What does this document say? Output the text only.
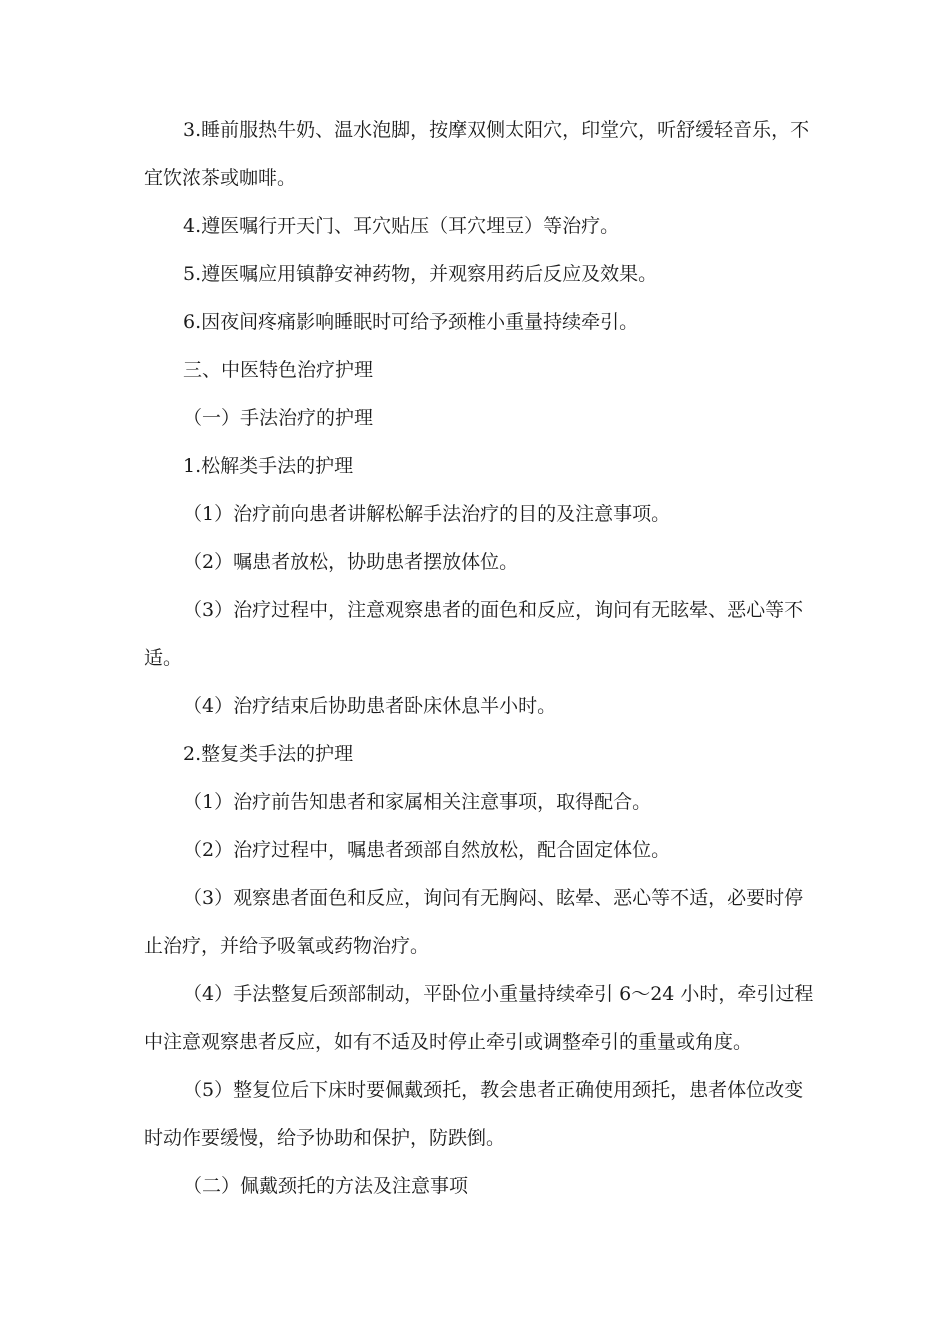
3.睡前服热牛奶、温水泡脚，按摩双侧太阳穴，印堂穴，听舒缓轻音乐，不
宜饮浓茶或咖啡。
4.遵医嘱行开天门、耳穴贴压（耳穴埋豆）等治疗。
5.遵医嘱应用镇静安神药物，并观察用药后反应及效果。
6.因夜间疼痛影响睡眠时可给予颈椎小重量持续牵引。
三、中医特色治疗护理
（一）手法治疗的护理
1.松解类手法的护理
（1）治疗前向患者讲解松解手法治疗的目的及注意事项。
（2）嘱患者放松，协助患者摆放体位。
（3）治疗过程中，注意观察患者的面色和反应，询问有无眩晕、恶心等不
适。
（4）治疗结束后协助患者卧床休息半小时。
2.整复类手法的护理
（1）治疗前告知患者和家属相关注意事项，取得配合。
（2）治疗过程中，嘱患者颈部自然放松，配合固定体位。
（3）观察患者面色和反应，询问有无胸闷、眩晕、恶心等不适，必要时停
止治疗，并给予吸氧或药物治疗。
（4）手法整复后颈部制动，平卧位小重量持续牵引 6～24 小时，牵引过程
中注意观察患者反应，如有不适及时停止牵引或调整牵引的重量或角度。
（5）整复位后下床时要佩戴颈托，教会患者正确使用颈托，患者体位改变
时动作要缓慢，给予协助和保护，防跌倒。
（二）佩戴颈托的方法及注意事项
